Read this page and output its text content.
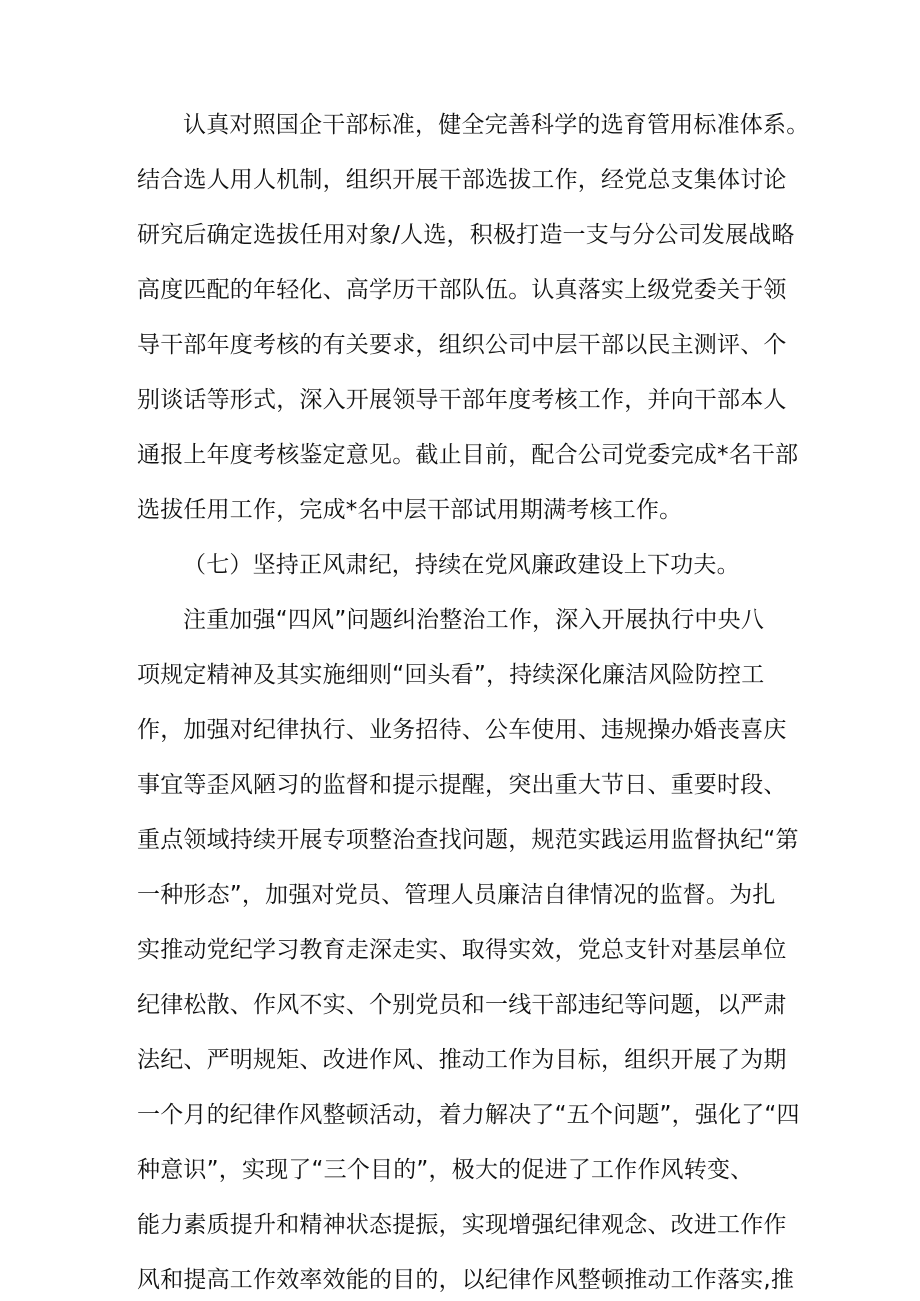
认真对照国企干部标准，健全完善科学的选育管用标准体系。
结合选人用人机制，组织开展干部选拔工作，经党总支集体讨论
研究后确定选拔任用对象/人选，积极打造一支与分公司发展战略
高度匹配的年轻化、高学历干部队伍。认真落实上级党委关于领
导干部年度考核的有关要求，组织公司中层干部以民主测评、个
别谈话等形式，深入开展领导干部年度考核工作，并向干部本人
通报上年度考核鉴定意见。截止目前，配合公司党委完成*名干部
选拔任用工作，完成*名中层干部试用期满考核工作。
（七）坚持正风肃纪，持续在党风廉政建设上下功夫。
注重加强“四风”问题纠治整治工作，深入开展执行中央八
项规定精神及其实施细则“回头看”，持续深化廉洁风险防控工
作，加强对纪律执行、业务招待、公车使用、违规操办婚丧喜庆
事宜等歪风陋习的监督和提示提醒，突出重大节日、重要时段、
重点领域持续开展专项整治查找问题，规范实践运用监督执纪“第
一种形态”，加强对党员、管理人员廉洁自律情况的监督。为扎
实推动党纪学习教育走深走实、取得实效，党总支针对基层单位
纪律松散、作风不实、个别党员和一线干部违纪等问题，以严肃
法纪、严明规矩、改进作风、推动工作为目标，组织开展了为期
一个月的纪律作风整顿活动，着力解决了“五个问题”，强化了“四
种意识”，实现了“三个目的”，极大的促进了工作作风转变、
能力素质提升和精神状态提振，实现增强纪律观念、改进工作作
风和提高工作效率效能的目的，以纪律作风整顿推动工作落实,推
